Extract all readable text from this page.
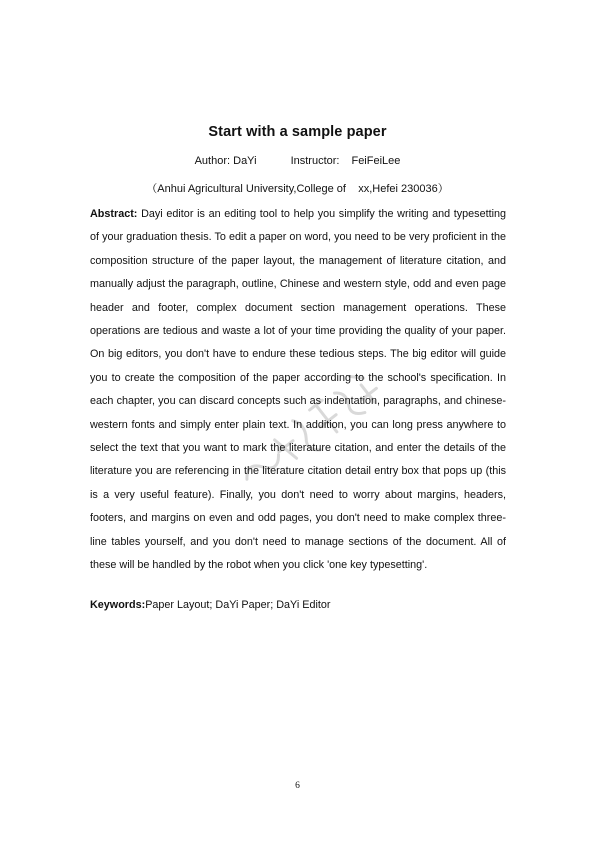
Start with a sample paper
Author: DaYi	Instructor: FeiFeiLee
（Anhui Agricultural University,College of    xx,Hefei 230036）
Abstract: Dayi editor is an editing tool to help you simplify the writing and typesetting of your graduation thesis. To edit a paper on word, you need to be very proficient in the composition structure of the paper layout, the management of literature citation, and manually adjust the paragraph, outline, Chinese and western style, odd and even page header and footer, complex document section management operations. These operations are tedious and waste a lot of your time providing the quality of your paper. On big editors, you don't have to endure these tedious steps. The big editor will guide you to create the composition of the paper according to the school's specification. In each chapter, you can discard concepts such as indentation, paragraphs, and chinese-western fonts and simply enter plain text. In addition, you can long press anywhere to select the text that you want to mark the literature citation, and enter the details of the literature you are referencing in the literature citation detail entry box that pops up (this is a very useful feature). Finally, you don't need to worry about margins, headers, footers, and margins on even and odd pages, you don't need to make complex three-line tables yourself, and you don't need to manage sections of the document. All of these will be handled by the robot when you click 'one key typesetting'.
Keywords:Paper Layout; DaYi Paper; DaYi Editor
6
